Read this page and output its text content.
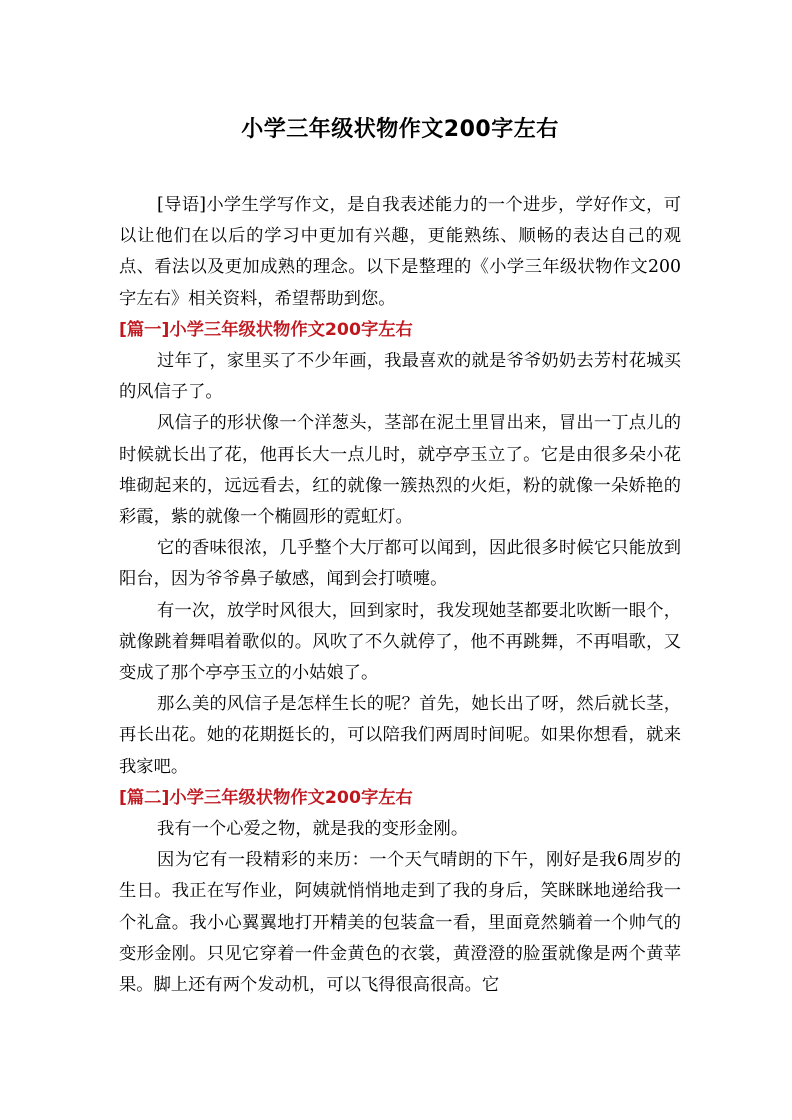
小学三年级状物作文200字左右

[导语]小学生学写作文，是自我表述能力的一个进步，学好作文，可以让他们在以后的学习中更加有兴趣，更能熟练、顺畅的表达自己的观点、看法以及更加成熟的理念。以下是整理的《小学三年级状物作文200字左右》相关资料，希望帮助到您。

[篇一]小学三年级状物作文200字左右

过年了，家里买了不少年画，我最喜欢的就是爷爷奶奶去芳村花城买的风信子了。

风信子的形状像一个洋葱头，茎部在泥土里冒出来，冒出一丁点儿的时候就长出了花，他再长大一点儿时，就亭亭玉立了。它是由很多朵小花堆砌起来的，远远看去，红的就像一簇热烈的火炬，粉的就像一朵娇艳的彩霞，紫的就像一个椭圆形的霓虹灯。

它的香味很浓，几乎整个大厅都可以闻到，因此很多时候它只能放到阳台，因为爷爷鼻子敏感，闻到会打喷嚏。

有一次，放学时风很大，回到家时，我发现她茎都要北吹断一眼个，就像跳着舞唱着歌似的。风吹了不久就停了，他不再跳舞，不再唱歌，又变成了那个亭亭玉立的小姑娘了。

那么美的风信子是怎样生长的呢？首先，她长出了呀，然后就长茎，再长出花。她的花期挺长的，可以陪我们两周时间呢。如果你想看，就来我家吧。

[篇二]小学三年级状物作文200字左右

我有一个心爱之物，就是我的变形金刚。

因为它有一段精彩的来历：一个天气晴朗的下午，刚好是我6周岁的生日。我正在写作业，阿姨就悄悄地走到了我的身后，笑眯眯地递给我一个礼盒。我小心翼翼地打开精美的包装盒一看，里面竟然躺着一个帅气的变形金刚。只见它穿着一件金黄色的衣裳，黄澄澄的脸蛋就像是两个黄苹果。脚上还有两个发动机，可以飞得很高很高。它
